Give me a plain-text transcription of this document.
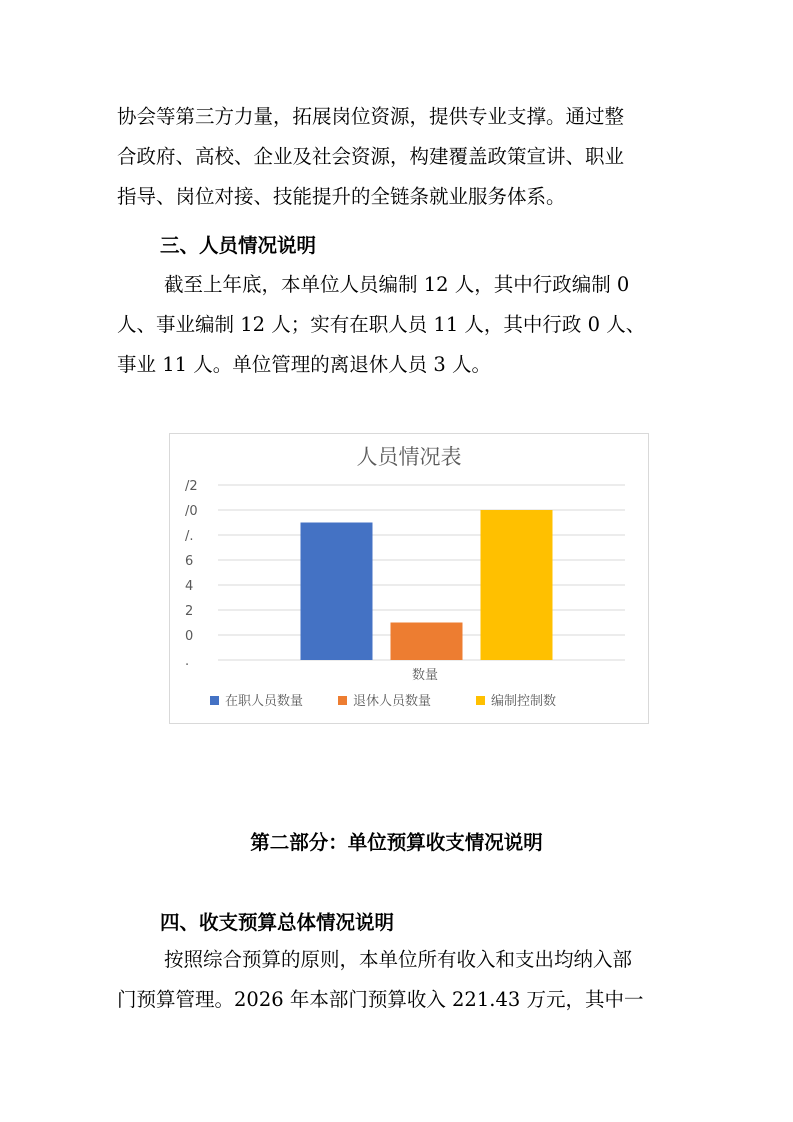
协会等第三方力量，拓展岗位资源，提供专业支撑。通过整
合政府、高校、企业及社会资源，构建覆盖政策宣讲、职业
指导、岗位对接、技能提升的全链条就业服务体系。
三、人员情况说明
截至上年底，本单位人员编制 12 人，其中行政编制 0
人、事业编制 12 人；实有在职人员 11 人，其中行政 0 人、
事业 11 人。单位管理的离退休人员 3 人。
人员情况表
.
0
2
4
6
/.
/0
/2
数量
在职人员数量	退休人员数量	编制控制数
第二部分：单位预算收支情况说明
四、收支预算总体情况说明
按照综合预算的原则，本单位所有收入和支出均纳入部
门预算管理。2026 年本部门预算收入 221.43 万元，其中一
